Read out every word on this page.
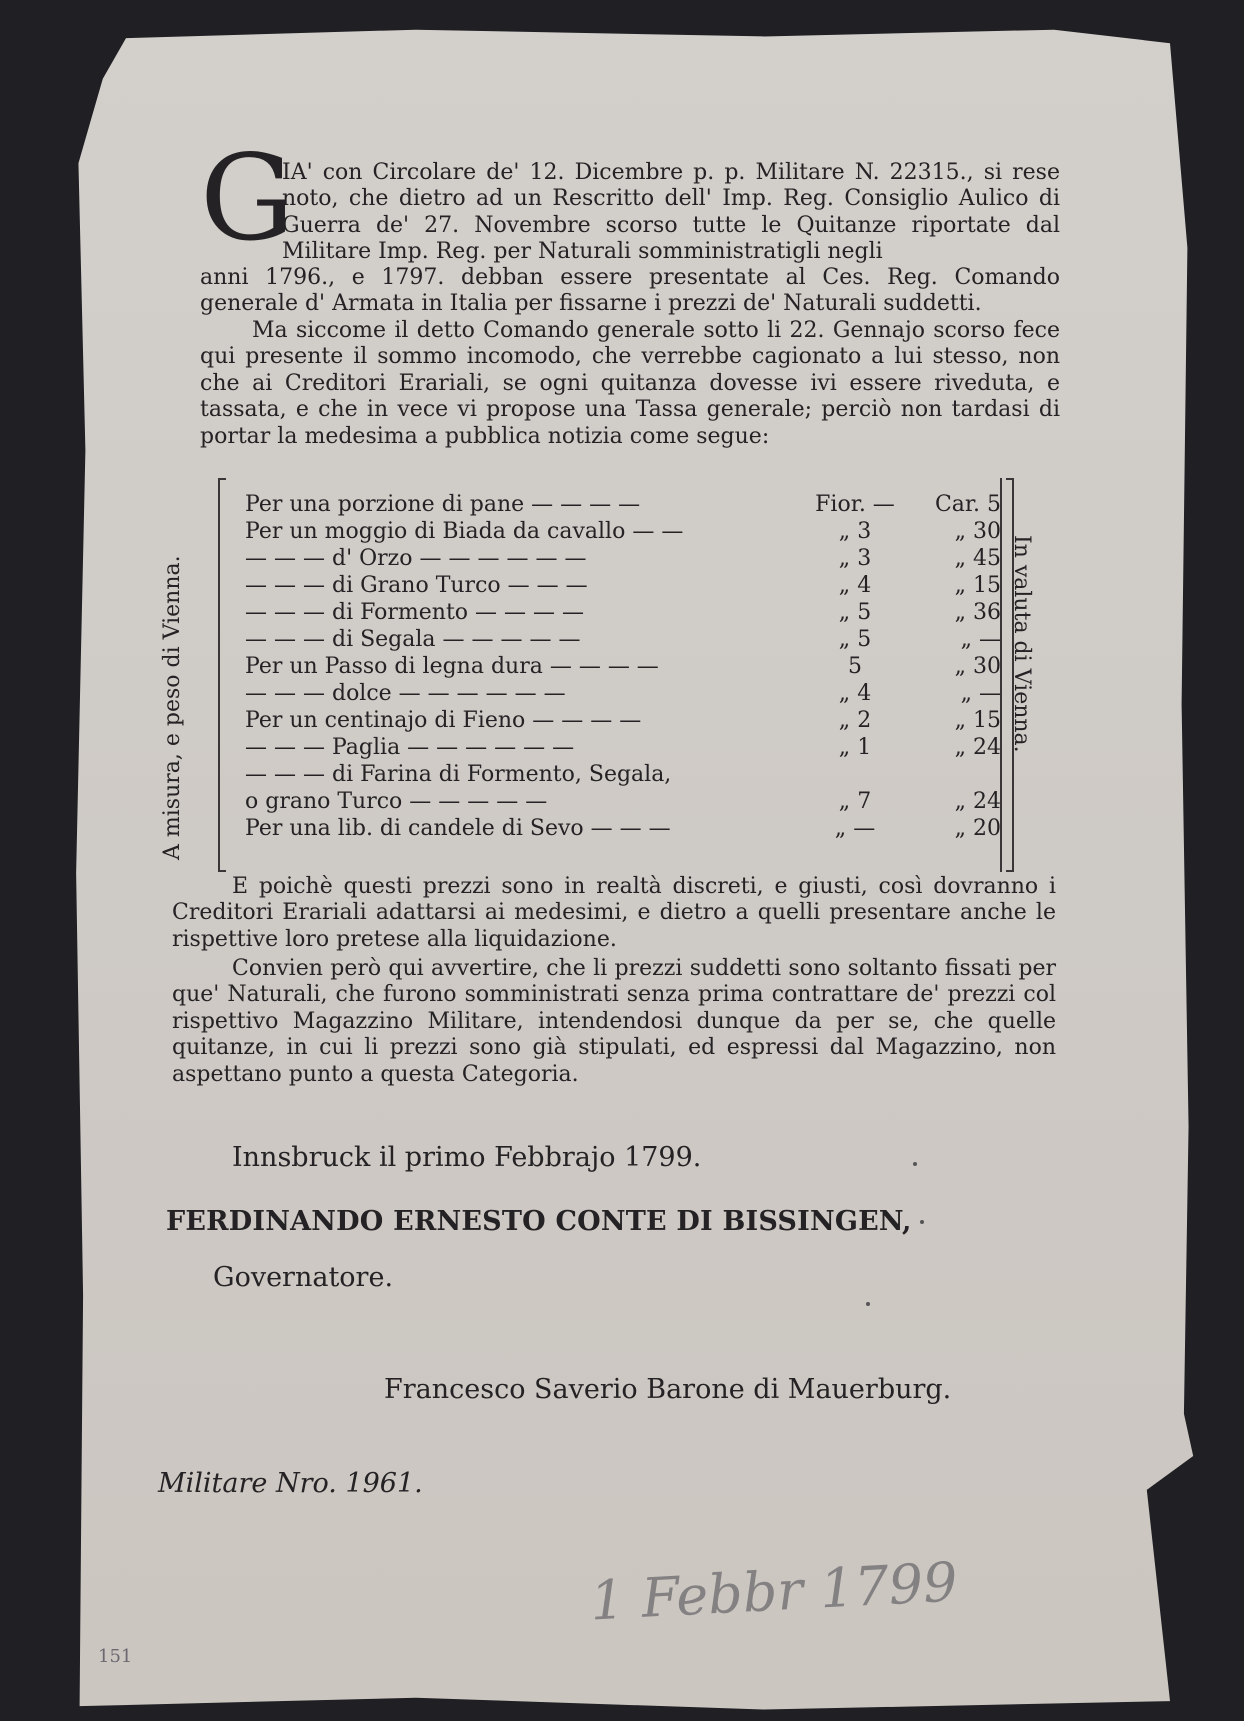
G
IA' con Circolare de' 12. Dicembre p. p. Militare N. 22315., si rese noto, che dietro ad un Rescritto dell' Imp. Reg. Consiglio Aulico di Guerra de' 27. Novembre scorso tutte le Quitanze riportate dal Militare Imp. Reg. per Naturali somministratigli negli
anni 1796., e 1797. debban essere presentate al Ces. Reg. Comando generale d' Armata in Italia per fissarne i prezzi de' Naturali suddetti.
Ma siccome il detto Comando generale sotto li 22. Gennajo scorso fece qui presente il sommo incomodo, che verrebbe cagionato a lui stesso, non che ai Creditori Erariali, se ogni quitanza dovesse ivi essere riveduta, e tassata, e che in vece vi propose una Tassa generale; perciò non tardasi di portar la medesima a pubblica notizia come segue:
A misura, e peso di Vienna.	In valuta di Vienna.
Per una porzione di pane — — — —	Fior. —	Car. 5
Per un moggio di Biada da cavallo — —	„ 3	„ 30
— — — d' Orzo — — — — — —	„ 3	„ 45
— — — di Grano Turco — — —	„ 4	„ 15
— — — di Formento — — — —	„ 5	„ 36
— — — di Segala — — — — —	„ 5	„ —
Per un Passo di legna dura — — — —	5	„ 30
— — — dolce — — — — — —	„ 4	„ —
Per un centinajo di Fieno — — — —	„ 2	„ 15
— — — Paglia — — — — — —	„ 1	„ 24
— — — di Farina di Formento, Segala,
o grano Turco — — — — —	„ 7	„ 24
Per una lib. di candele di Sevo — — —	„ —	„ 20
E poichè questi prezzi sono in realtà discreti, e giusti, così dovranno i Creditori Erariali adattarsi ai medesimi, e dietro a quelli presentare anche le rispettive loro pretese alla liquidazione.
Convien però qui avvertire, che li prezzi suddetti sono soltanto fissati per que' Naturali, che furono somministrati senza prima contrattare de' prezzi col rispettivo Magazzino Militare, intendendosi dunque da per se, che quelle quitanze, in cui li prezzi sono già stipulati, ed espressi dal Magazzino, non aspettano punto a questa Categoria.
Innsbruck il primo Febbrajo 1799.
FERDINANDO ERNESTO CONTE DI BISSINGEN,
Governatore.
Francesco Saverio Barone di Mauerburg.
Militare Nro. 1961.
1 Febbr 1799
151
